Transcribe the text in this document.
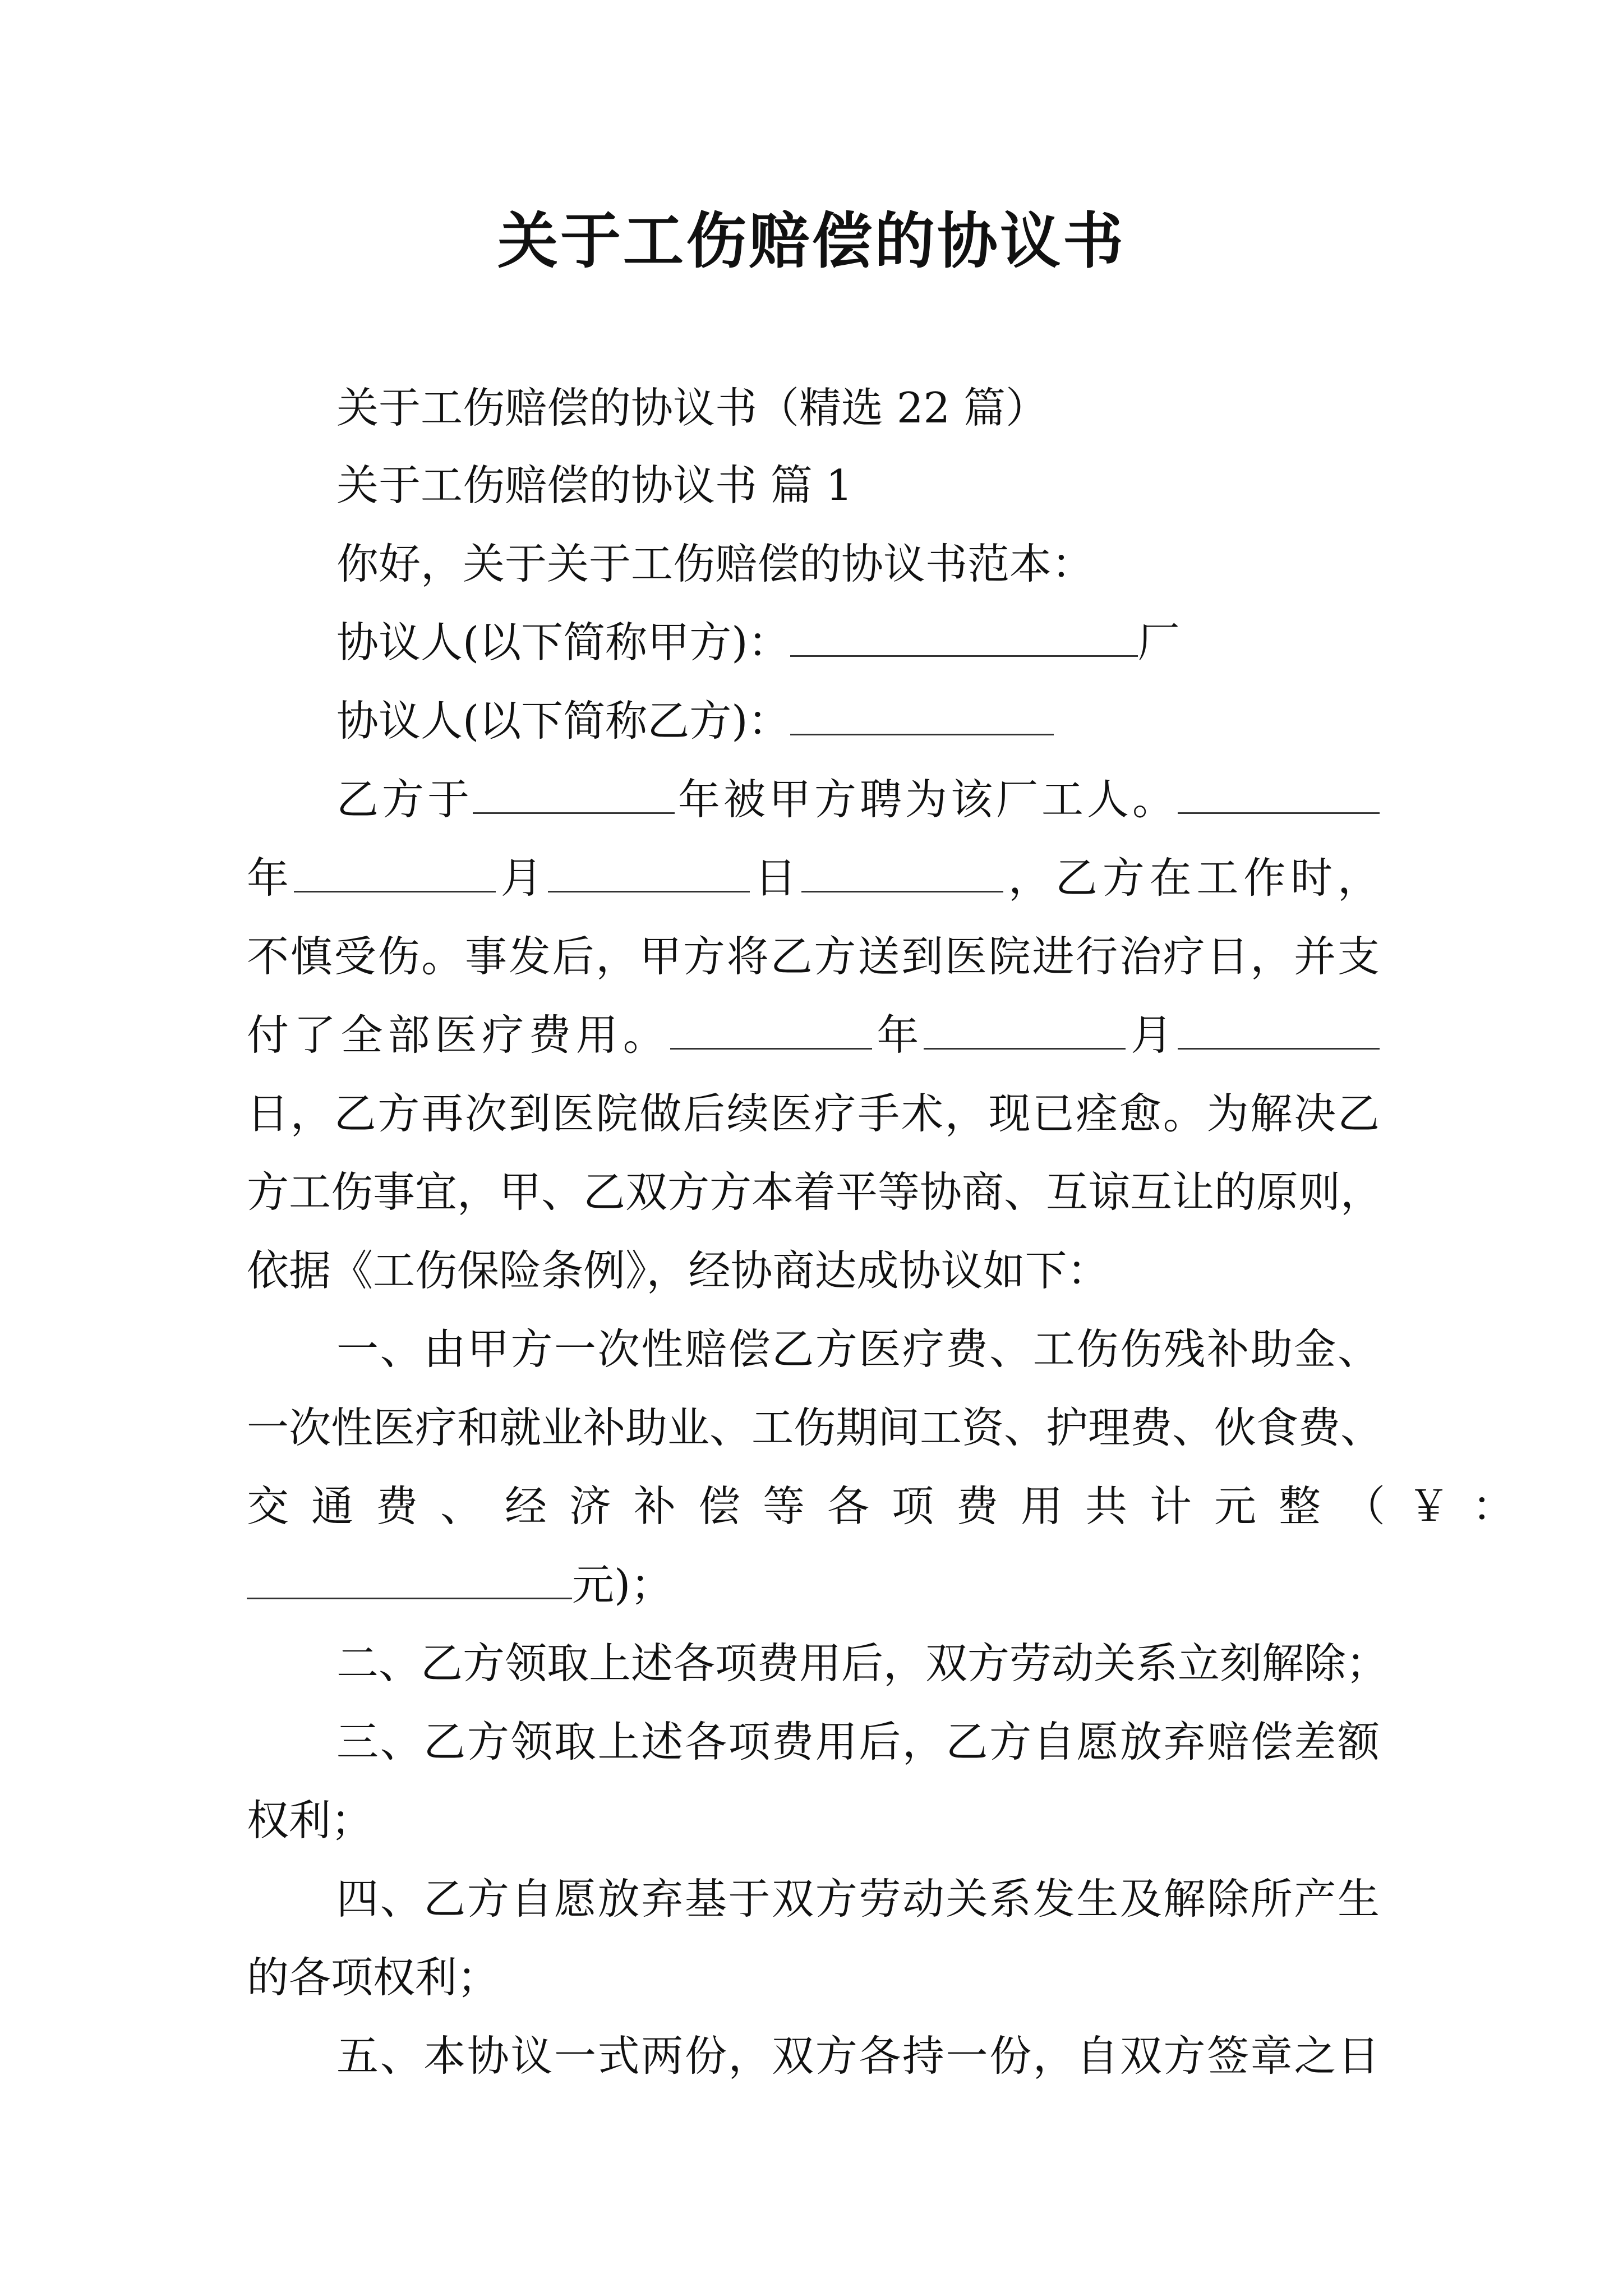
关于工伤赔偿的协议书
关于工伤赔偿的协议书（精选 22 篇）
关于工伤赔偿的协议书 篇 1
你好，关于关于工伤赔偿的协议书范本：
协议人(以下简称甲方)：	厂
协议人(以下简称乙方)：
乙方于	年被甲方聘为该厂工人。
年	月	日	，乙方在工作时，
不慎受伤。事发后，甲方将乙方送到医院进行治疗日，并支
付了全部医疗费用。	年	月
日，乙方再次到医院做后续医疗手术，现已痊愈。为解决乙
方工伤事宜，甲、乙双方方本着平等协商、互谅互让的原则，
依据《工伤保险条例》，经协商达成协议如下：
一、由甲方一次性赔偿乙方医疗费、工伤伤残补助金、
一次性医疗和就业补助业、工伤期间工资、护理费、伙食费、
交通费、经济补偿等各项费用共计元整（￥：
元)；
二、乙方领取上述各项费用后，双方劳动关系立刻解除；
三、乙方领取上述各项费用后，乙方自愿放弃赔偿差额
权利；
四、乙方自愿放弃基于双方劳动关系发生及解除所产生
的各项权利；
五、本协议一式两份，双方各持一份，自双方签章之日
